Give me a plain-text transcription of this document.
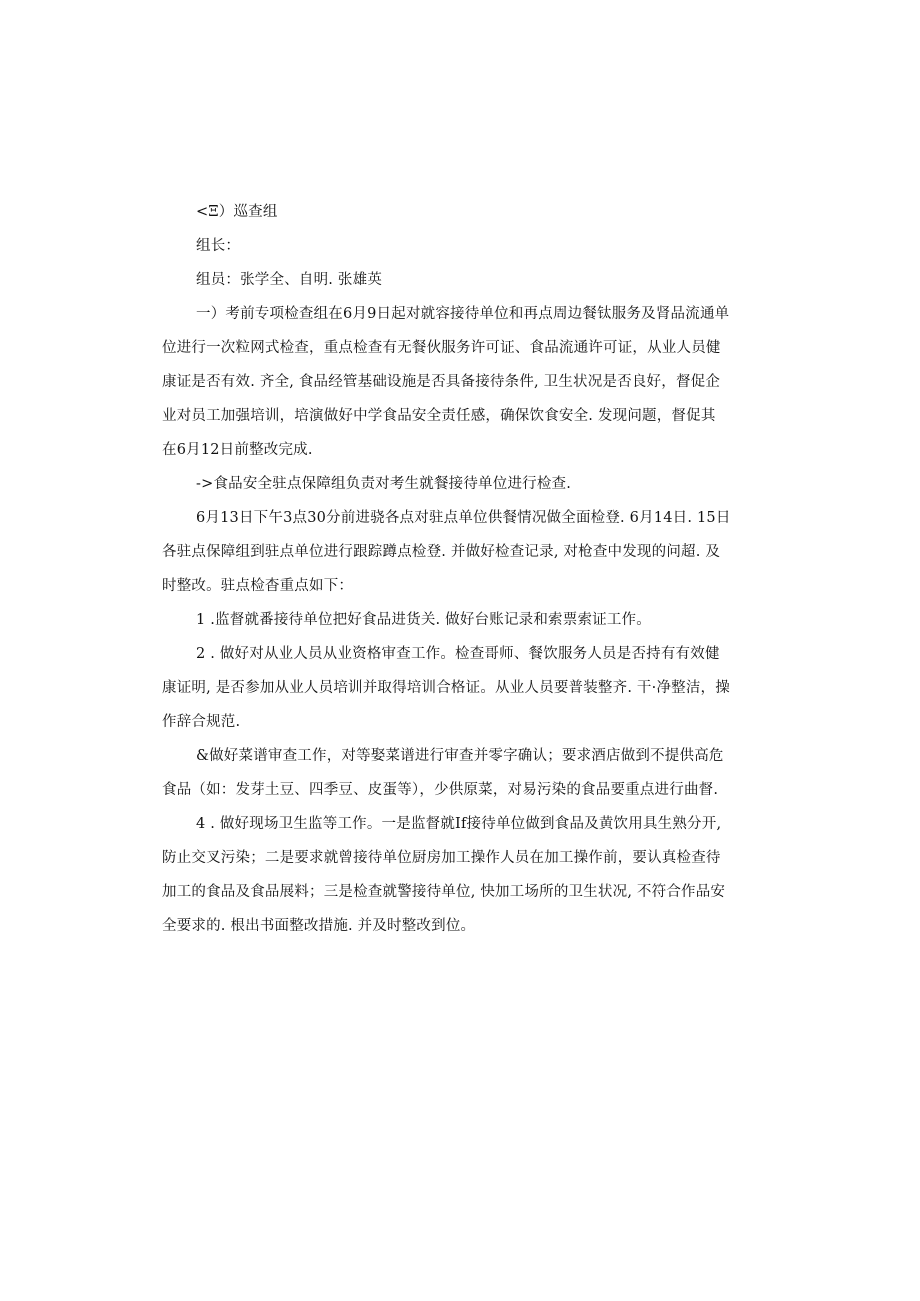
<Ξ）巡查组

组长：

组员：张学全、自明. 张雄英

一）考前专项检查组在6月9日起对就容接待单位和再点周边餐钛服务及肾品流通单
位进行一次粒网式检查，重点检查有无餐伙服务许可证、食品流通许可证，从业人员健
康证是否有效. 齐全, 食品经管基础设施是否具备接待条件, 卫生状况是否良好，督促企
业对员工加强培训，培演做好中学食品安全责任感，确保饮食安全. 发现问题，督促其
在6月12日前整改完成.

->食品安全驻点保障组负责对考生就餐接待单位进行检查.

6月13日下午3点30分前进骁各点对驻点单位供餐情况做全面检登. 6月14日. 15日
各驻点保障组到驻点单位进行跟踪蹲点检登. 并做好检查记录, 对枪查中发现的问超. 及
时整改。驻点检杳重点如下：

1 .监督就番接待单位把好食品进货关. 做好台账记录和索票索证工作。

2 . 做好对从业人员从业资格审查工作。检查哥师、餐饮服务人员是否持有有效健
康证明, 是否参加从业人员培训并取得培训合格证。从业人员要普装整齐. 干·净整洁，操
作辞合规范.

&做好菜谱审查工作，对等娶菜谱进行审查并零字确认；要求酒店做到不提供高危
食品（如：发芽土豆、四季豆、皮蛋等），少供原菜，对易污染的食品要重点进行曲督.

4 . 做好现场卫生监等工作。一是监督就If接待单位做到食品及黄饮用具生熟分开,
防止交叉污染；二是要求就曾接待单位厨房加工操作人员在加工操作前，要认真检查待
加工的食品及食品展料；三是检查就警接待单位, 快加工场所的卫生状况, 不符合作品安
全要求的. 根出书面整改措施. 并及时整改到位。
